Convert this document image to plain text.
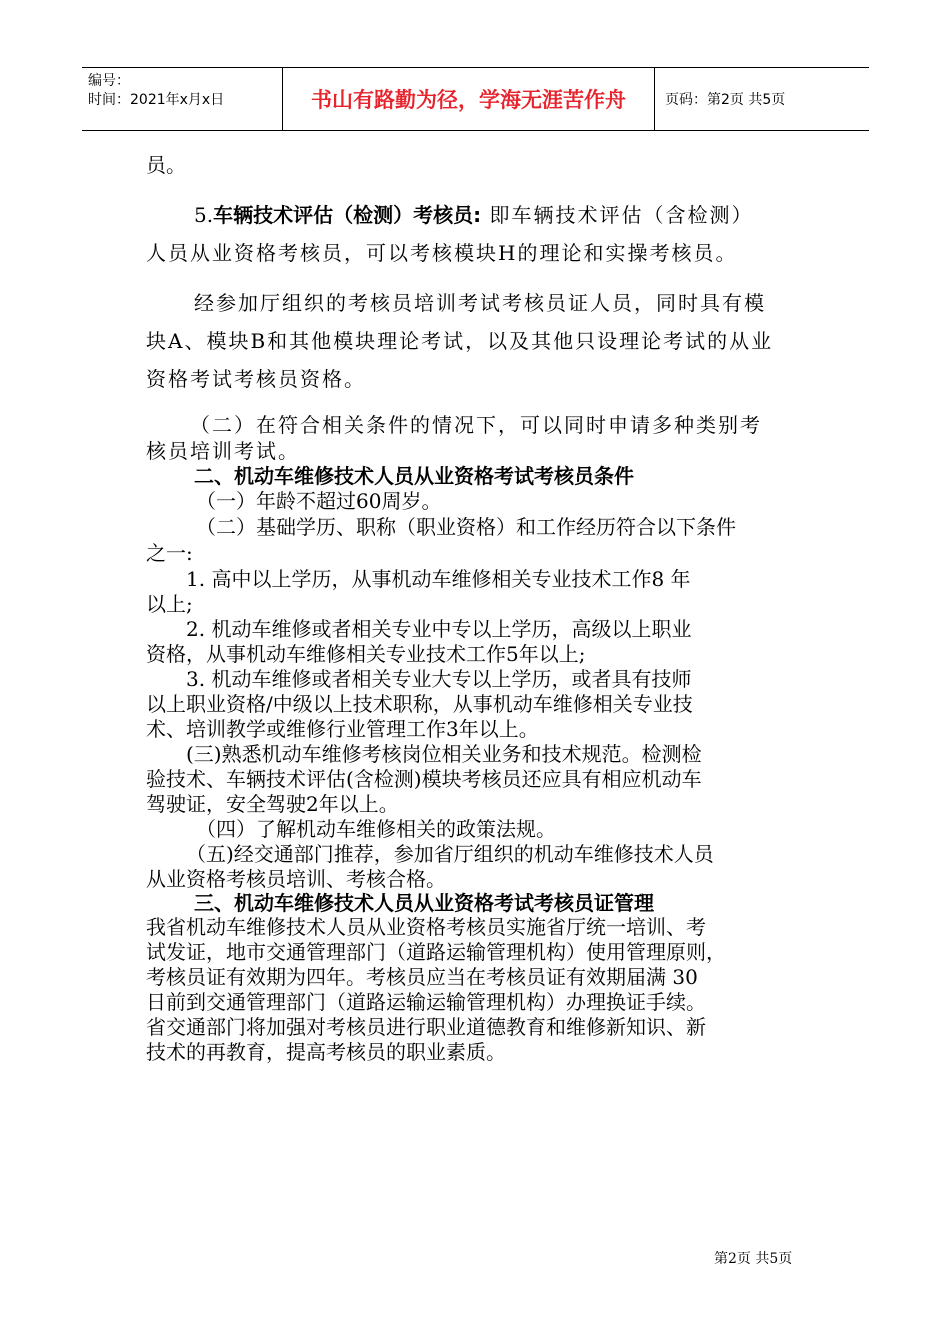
编号：
时间：2021年x月x日	书山有路勤为径，学海无涯苦作舟	页码：第2页 共5页
员。
5.车辆技术评估（检测）考核员: 即车辆技术评估（含检测）
人员从业资格考核员，可以考核模块H的理论和实操考核员。
经参加厅组织的考核员培训考试考核员证人员，同时具有模
块A、模块B和其他模块理论考试，以及其他只设理论考试的从业
资格考试考核员资格。
（二）在符合相关条件的情况下，可以同时申请多种类别考
核员培训考试。
二、机动车维修技术人员从业资格考试考核员条件
（一）年龄不超过60周岁。
（二）基础学历、职称（职业资格）和工作经历符合以下条件
之一:
1. 高中以上学历，从事机动车维修相关专业技术工作8 年
以上;
2. 机动车维修或者相关专业中专以上学历，高级以上职业
资格，从事机动车维修相关专业技术工作5年以上;
3. 机动车维修或者相关专业大专以上学历，或者具有技师
以上职业资格/中级以上技术职称，从事机动车维修相关专业技
术、培训教学或维修行业管理工作3年以上。
(三)熟悉机动车维修考核岗位相关业务和技术规范。检测检
验技术、车辆技术评估(含检测)模块考核员还应具有相应机动车
驾驶证，安全驾驶2年以上。
（四）了解机动车维修相关的政策法规。
（五)经交通部门推荐，参加省厅组织的机动车维修技术人员
从业资格考核员培训、考核合格。
三、机动车维修技术人员从业资格考试考核员证管理
我省机动车维修技术人员从业资格考核员实施省厅统一培训、考
试发证，地市交通管理部门（道路运输管理机构）使用管理原则，
考核员证有效期为四年。考核员应当在考核员证有效期届满 30
日前到交通管理部门（道路运输运输管理机构）办理换证手续。
省交通部门将加强对考核员进行职业道德教育和维修新知识、新
技术的再教育，提高考核员的职业素质。
第2页 共5页
